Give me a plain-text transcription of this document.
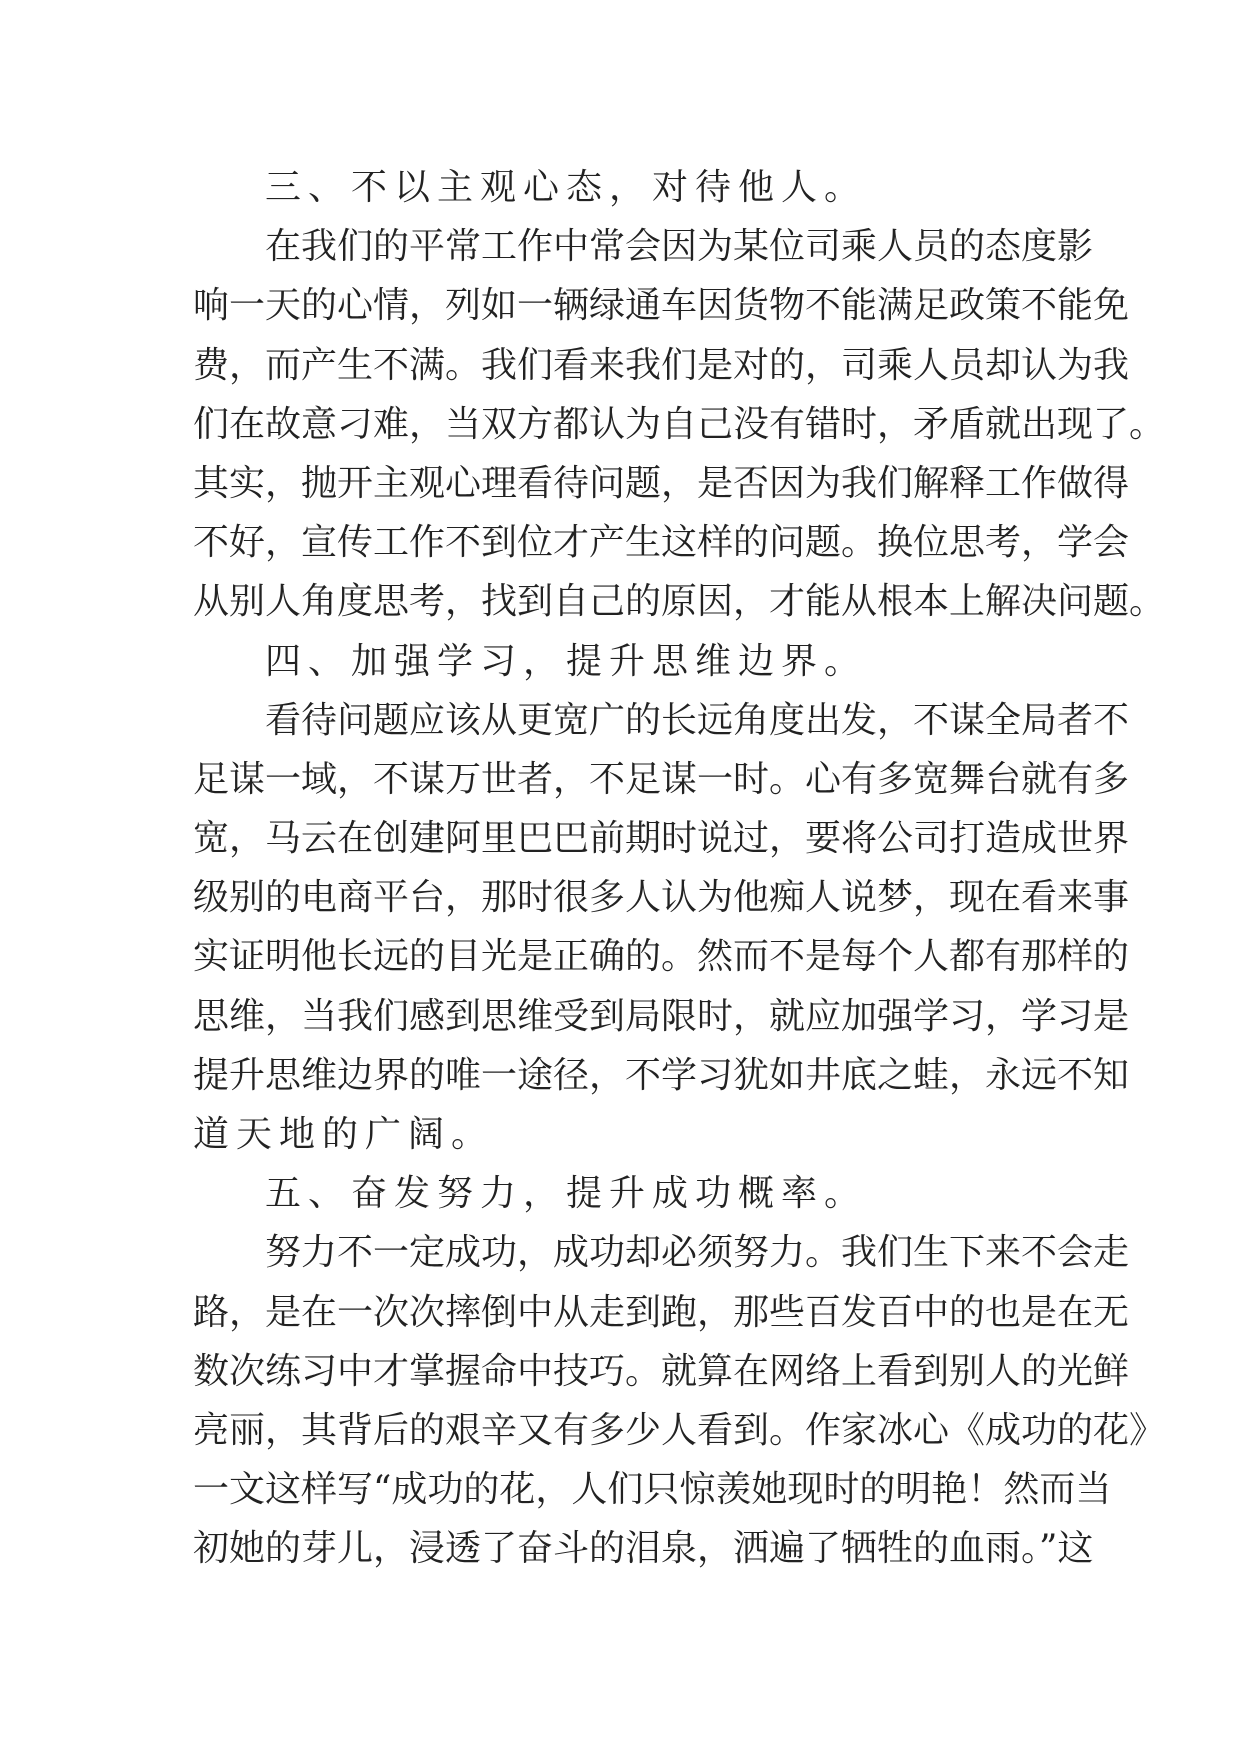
三、不以主观心态，对待他人。
在我们的平常工作中常会因为某位司乘人员的态度影
响一天的心情，列如一辆绿通车因货物不能满足政策不能免
费，而产生不满。我们看来我们是对的，司乘人员却认为我
们在故意刁难，当双方都认为自己没有错时，矛盾就出现了。
其实，抛开主观心理看待问题，是否因为我们解释工作做得
不好，宣传工作不到位才产生这样的问题。换位思考，学会
从别人角度思考，找到自己的原因，才能从根本上解决问题。
四、加强学习，提升思维边界。
看待问题应该从更宽广的长远角度出发，不谋全局者不
足谋一域，不谋万世者，不足谋一时。心有多宽舞台就有多
宽，马云在创建阿里巴巴前期时说过，要将公司打造成世界
级别的电商平台，那时很多人认为他痴人说梦，现在看来事
实证明他长远的目光是正确的。然而不是每个人都有那样的
思维，当我们感到思维受到局限时，就应加强学习，学习是
提升思维边界的唯一途径，不学习犹如井底之蛙，永远不知
道天地的广阔。
五、奋发努力，提升成功概率。
努力不一定成功，成功却必须努力。我们生下来不会走
路，是在一次次摔倒中从走到跑，那些百发百中的也是在无
数次练习中才掌握命中技巧。就算在网络上看到别人的光鲜
亮丽，其背后的艰辛又有多少人看到。作家冰心《成功的花》
一文这样写“成功的花，人们只惊羡她现时的明艳！然而当
初她的芽儿，浸透了奋斗的泪泉，洒遍了牺牲的血雨。”这
